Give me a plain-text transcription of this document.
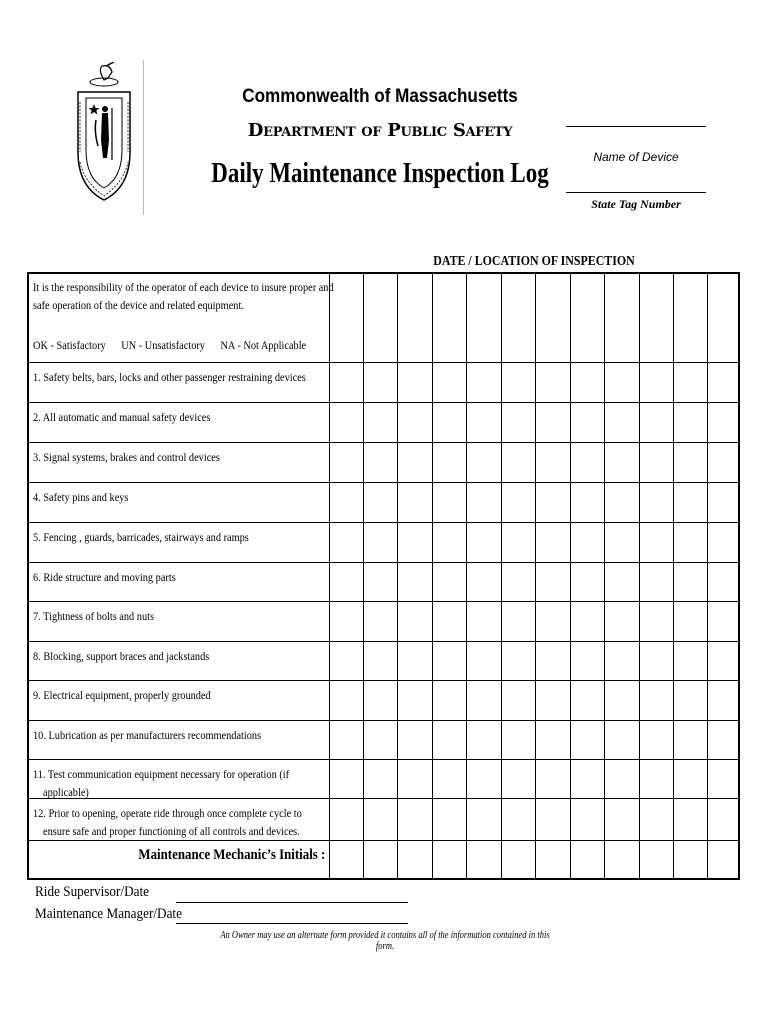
Commonwealth of Massachusetts
Department of Public Safety
Daily Maintenance Inspection Log
Name of Device
State Tag Number
DATE / LOCATION OF INSPECTION
It is the responsibility of the operator of each device to insure proper and
safe operation of the device and related equipment.
OK - Satisfactory      UN - Unsatisfactory      NA - Not Applicable
1. Safety belts, bars, locks and other passenger restraining devices
2. All automatic and manual safety devices
3. Signal systems, brakes and control devices
4. Safety pins and keys
5. Fencing , guards, barricades, stairways and ramps
6. Ride structure and moving parts
7. Tightness of bolts and nuts
8. Blocking, support braces and jackstands
9. Electrical equipment, properly grounded
10. Lubrication as per manufacturers recommendations
11. Test communication equipment necessary for operation (if
applicable)
12. Prior to opening, operate ride through once complete cycle to
ensure safe and proper functioning of all controls and devices.
Maintenance Mechanic’s Initials :
Ride Supervisor/Date
Maintenance Manager/Date
An Owner may use an alternate form provided it contains all of the information contained in this form.
